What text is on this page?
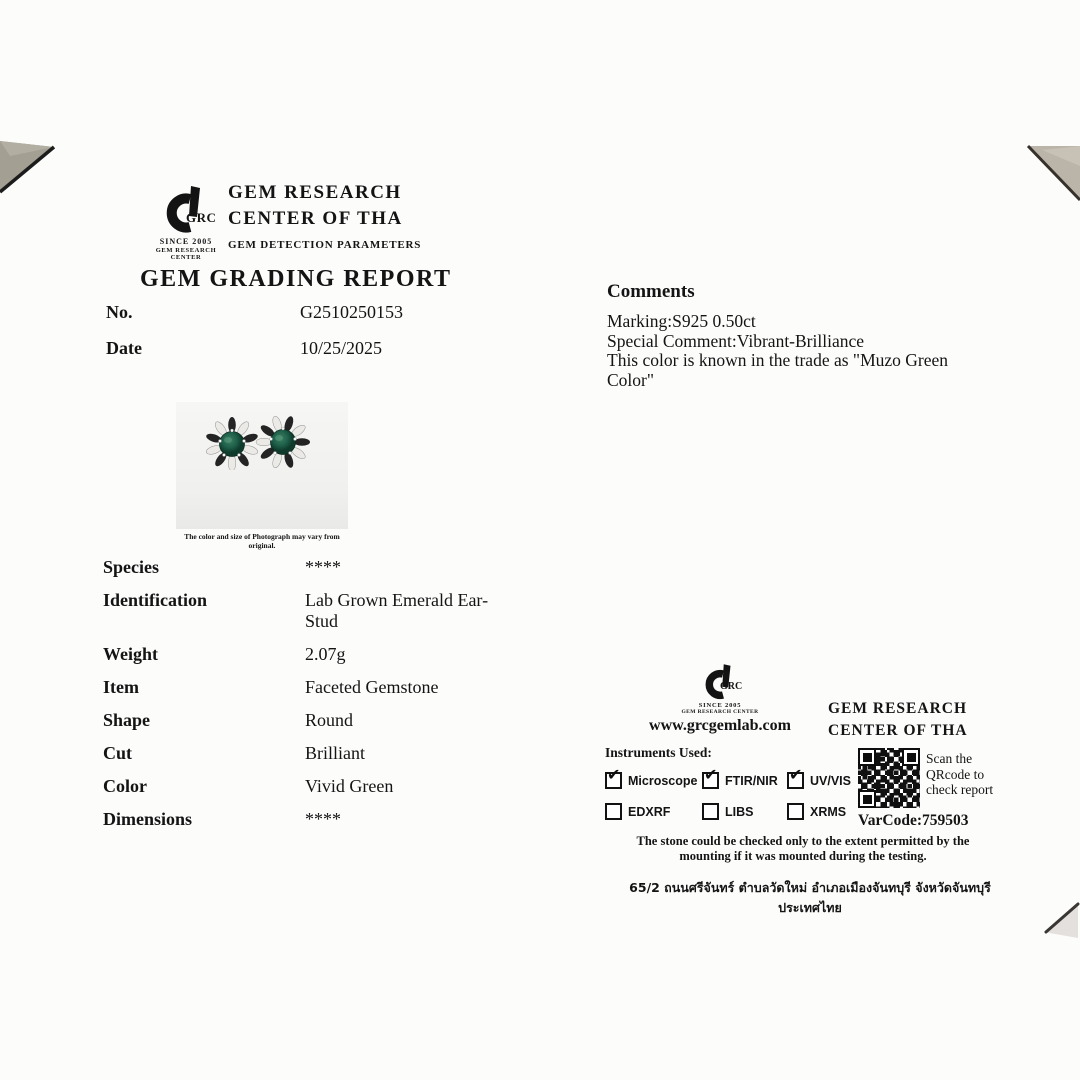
GRC
SINCE 2005
GEM RESEARCH CENTER
GEM RESEARCH
CENTER OF THA
GEM DETECTION PARAMETERS
GEM GRADING REPORT
No.	G2510250153
Date	10/25/2025
Comments
Marking:S925 0.50ct
Special Comment:Vibrant-Brilliance
This color is known in the trade as "Muzo Green Color"
The color and size of Photograph may vary from original.
Species	****
Identification	Lab Grown Emerald Ear-Stud
Weight	2.07g
Item	Faceted Gemstone
Shape	Round
Cut	Brilliant
Color	Vivid Green
Dimensions	****
GRC
SINCE 2005
GEM RESEARCH CENTER
www.grcgemlab.com
GEM RESEARCH
CENTER OF THA
Instruments Used:
✔ Microscope ✔ FTIR/NIR ✔ UV/VIS
EDXRF	LIBS	XRMS
Scan the QRcode to check report
VarCode:759503
The stone could be checked only to the extent permitted by the mounting if it was mounted during the testing.
65/2 ถนนศรีจันทร์ ตำบลวัดใหม่ อำเภอเมืองจันทบุรี จังหวัดจันทบุรี ประเทศไทย
